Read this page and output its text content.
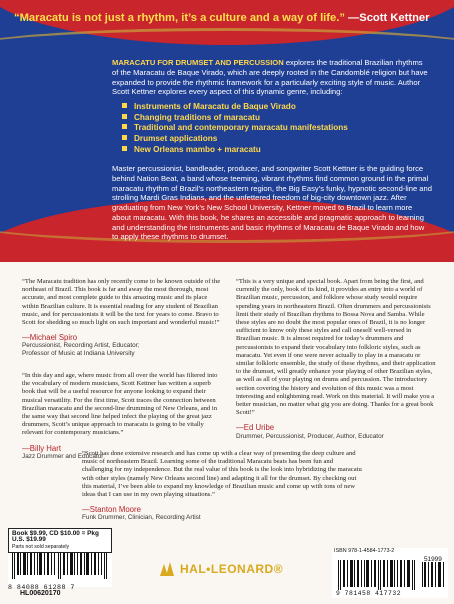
“Maracatu is not just a rhythm, it’s a culture and a way of life.” —Scott Kettner
MARACATU FOR DRUMSET AND PERCUSSION explores the traditional Brazilian rhythms of the Maracatu de Baque Virado, which are deeply rooted in the Candomblé religion but have expanded to provide the rhythmic framework for a particularly exciting style of music. Author Scott Kettner explores every aspect of this dynamic genre, including:
Instruments of Maracatu de Baque Virado
Changing traditions of maracatu
Traditional and contemporary maracatu manifestations
Drumset applications
New Orleans mambo + maracatu
Master percussionist, bandleader, producer, and songwriter Scott Kettner is the guiding force behind Nation Beat, a band whose teeming, vibrant rhythms find common ground in the primal maracatu rhythm of Brazil’s northeastern region, the Big Easy’s funky, hypnotic second-line and strolling Mardi Gras Indians, and the unfettered freedom of big-city downtown jazz. After graduating from New York’s New School University, Kettner moved to Brazil to learn more about maracatu. With this book, he shares an accessible and pragmatic approach to learning and understanding the instruments and basic rhythms of Maracatu de Baque Virado and how to apply these rhythms to drumset.

“The Maracatu tradition has only recently come to be known outside of the northeast of Brazil. This book is far and away the most thorough, most accurate, and most complete guide to this amazing music and its place within Brazilian culture. It is essential reading for any student of Brazilian music, and for percussionists it will be the text for years to come. Bravo to Scott for shedding so much light on such important and wonderful music!”

—Michael Spiro
Percussionist, Recording Artist, Educator;
Professor of Music at Indiana University

“In this day and age, where music from all over the world has filtered into the vocabulary of modern musicians, Scott Kettner has written a superb book that will be a useful resource for anyone looking to expand their musical versatility. For the first time, Scott traces the connection between Brazilian maracatu and the second-line drumming of New Orleans, and in the same way that second line helped infect the playing of the great jazz drummers, Scott’s unique approach to maracatu is going to be vitally relevant for contemporary musicians.”

—Billy Hart
Jazz Drummer and Educator

“This is a very unique and special book. Apart from being the first, and currently the only, book of its kind, it provides an entry into a world of Brazilian music, percussion, and folklore whose study would require spending years in northeastern Brazil. Often drummers and percussionists limit their study of Brazilian rhythms to Bossa Nova and Samba. While these styles are no doubt the most popular ones of Brazil, it is no longer sufficient to know only these styles and call oneself well-versed in Brazilian music. It is almost required for today’s drummers and percussionists to expand their vocabulary into folkloric styles, such as maracatu. Yet even if one were never actually to play in a maracatu or similar folkloric ensemble, the study of these rhythms, and their application to the drumset, will greatly enhance your playing of other Brazilian styles, as well as all of your playing on drums and percussion. The introductory section covering the history and evolution of this music was a most interesting and enlightening read. Work on this material. It will make you a better musician, no matter what gig you are doing. Thanks for a great book Scott!”

—Ed Uribe
Drummer, Percussionist, Producer, Author, Educator

“Scott has done extensive research and has come up with a clear way of presenting the deep culture and music of northeastern Brazil. Learning some of the traditional Maracatu beats has been fun and challenging for my independence. But the real value of this book is the look into hybridizing the maracatu with other styles (namely New Orleans second line) and adapting it all for the drumset. By checking out this material, I’ve been able to expand my knowledge of Brazilian music and come up with tons of new ideas that I can use in my own playing situations.”

—Stanton Moore
Funk Drummer, Clinician, Recording Artist
Book $9.99, CD $10.00 = Pkg U.S. $19.99
Parts not sold separately
8 84088 61288 7
HL00620170
HAL•LEONARD®
ISBN 978-1-4584-1773-2
51999
9 781458 417732
